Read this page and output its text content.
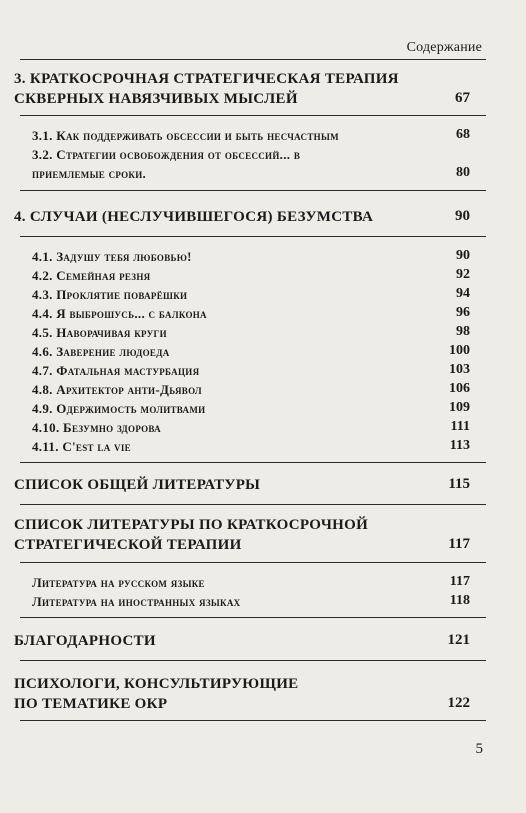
Содержание
3. КРАТКОСРОЧНАЯ СТРАТЕГИЧЕСКАЯ ТЕРАПИЯ
СКВЕРНЫХ НАВЯЗЧИВЫХ МЫСЛЕЙ	67
3.1. Как поддерживать обсессии и быть несчастным	68
3.2. Стратегии освобождения от обсессий... в
приемлемые сроки.	80
4. СЛУЧАИ (НЕСЛУЧИВШЕГОСЯ) БЕЗУМСТВА	90
4.1. Задушу тебя любовью!	90
4.2. Семейная резня	92
4.3. Проклятие поварёшки	94
4.4. Я выброшусь... с балкона	96
4.5. Наворачивая круги	98
4.6. Заверение людоеда	100
4.7. Фатальная мастурбация	103
4.8. Архитектор анти-Дьявол	106
4.9. Одержимость молитвами	109
4.10. Безумно здорова	111
4.11. C'est la vie	113
СПИСОК ОБЩЕЙ ЛИТЕРАТУРЫ	115
СПИСОК ЛИТЕРАТУРЫ ПО КРАТКОСРОЧНОЙ
СТРАТЕГИЧЕСКОЙ ТЕРАПИИ	117
Литература на русском языке	117
Литература на иностранных языках	118
БЛАГОДАРНОСТИ	121
ПСИХОЛОГИ, КОНСУЛЬТИРУЮЩИЕ
ПО ТЕМАТИКЕ ОКР	122
5
